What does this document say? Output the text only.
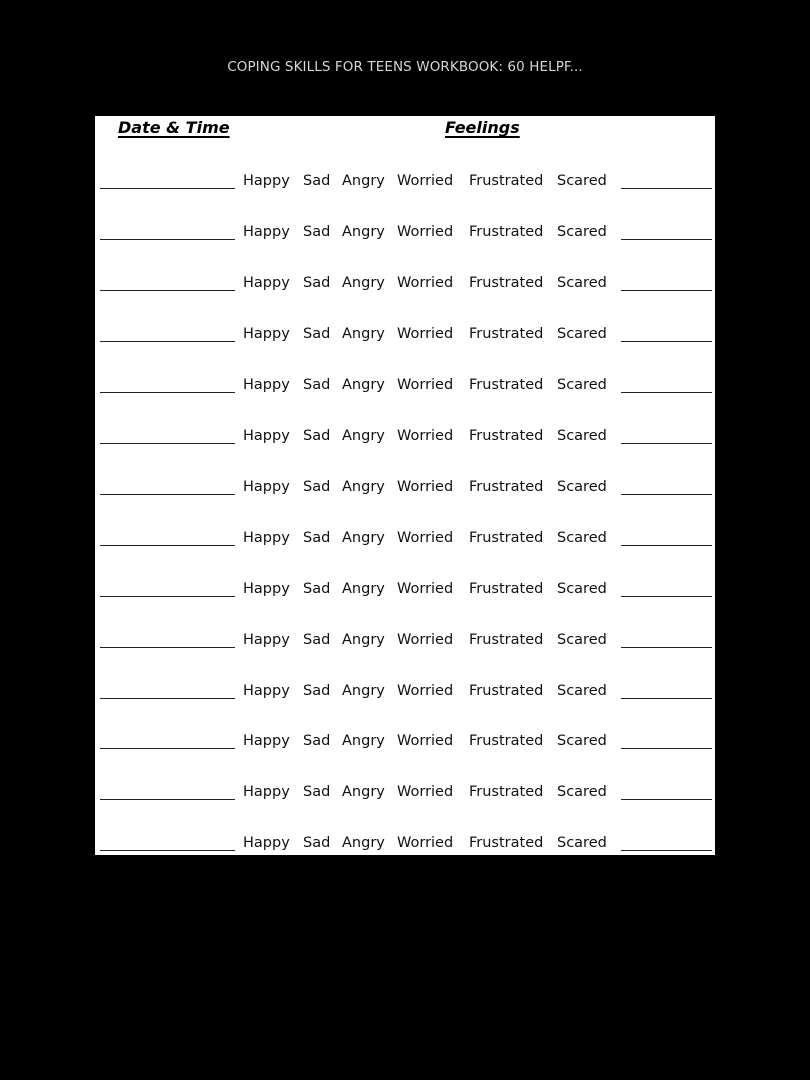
COPING SKILLS FOR TEENS WORKBOOK: 60 HELPF...
Date & Time	Feelings
Happy Sad Angry Worried Frustrated Scared
Happy Sad Angry Worried Frustrated Scared
Happy Sad Angry Worried Frustrated Scared
Happy Sad Angry Worried Frustrated Scared
Happy Sad Angry Worried Frustrated Scared
Happy Sad Angry Worried Frustrated Scared
Happy Sad Angry Worried Frustrated Scared
Happy Sad Angry Worried Frustrated Scared
Happy Sad Angry Worried Frustrated Scared
Happy Sad Angry Worried Frustrated Scared
Happy Sad Angry Worried Frustrated Scared
Happy Sad Angry Worried Frustrated Scared
Happy Sad Angry Worried Frustrated Scared
Happy Sad Angry Worried Frustrated Scared
